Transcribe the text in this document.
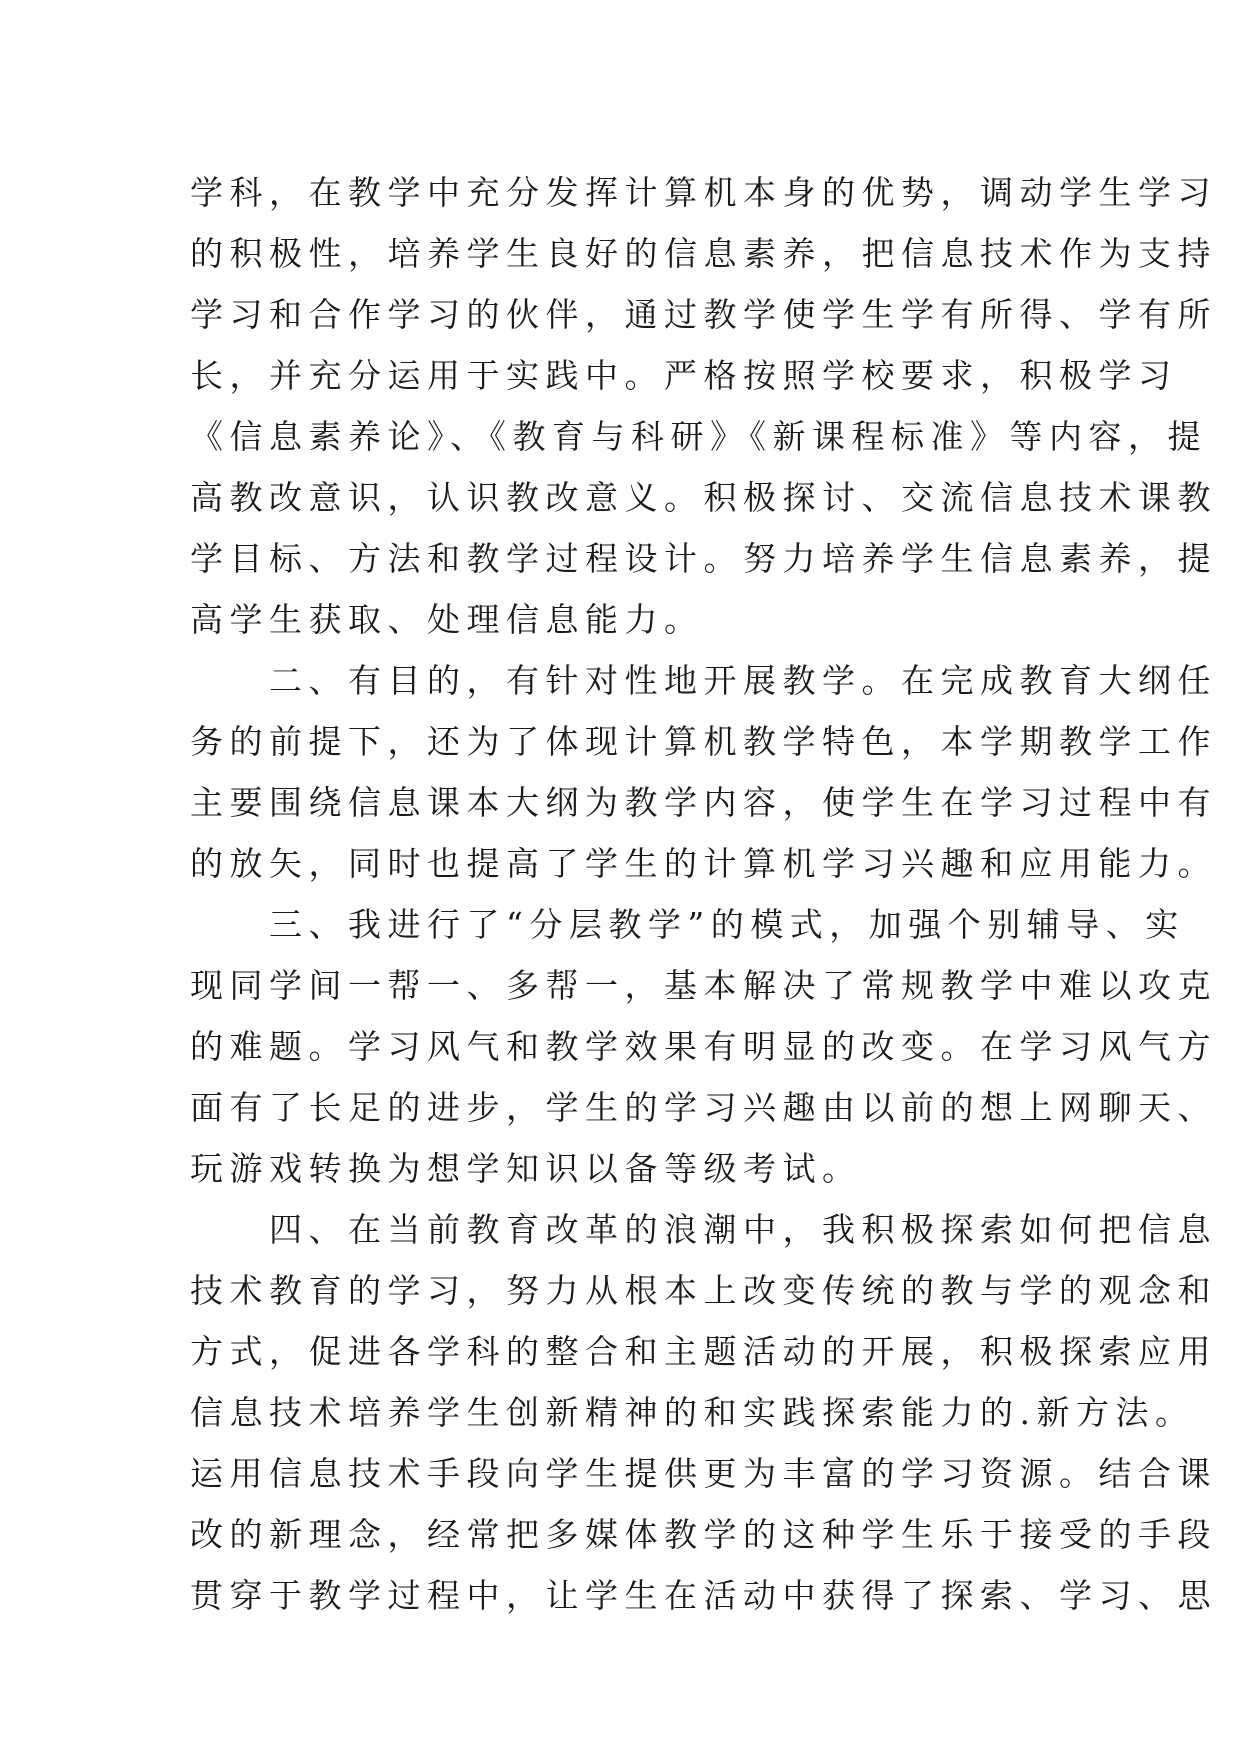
学科，在教学中充分发挥计算机本身的优势，调动学生学习
的积极性，培养学生良好的信息素养，把信息技术作为支持
学习和合作学习的伙伴，通过教学使学生学有所得、学有所
长，并充分运用于实践中。严格按照学校要求，积极学习
《信息素养论》、《教育与科研》《新课程标准》等内容，提
高教改意识，认识教改意义。积极探讨、交流信息技术课教
学目标、方法和教学过程设计。努力培养学生信息素养，提
高学生获取、处理信息能力。
二、有目的，有针对性地开展教学。在完成教育大纲任
务的前提下，还为了体现计算机教学特色，本学期教学工作
主要围绕信息课本大纲为教学内容，使学生在学习过程中有
的放矢，同时也提高了学生的计算机学习兴趣和应用能力。
三、我进行了“分层教学”的模式，加强个别辅导、实
现同学间一帮一、多帮一，基本解决了常规教学中难以攻克
的难题。学习风气和教学效果有明显的改变。在学习风气方
面有了长足的进步，学生的学习兴趣由以前的想上网聊天、
玩游戏转换为想学知识以备等级考试。
四、在当前教育改革的浪潮中，我积极探索如何把信息
技术教育的学习，努力从根本上改变传统的教与学的观念和
方式，促进各学科的整合和主题活动的开展，积极探索应用
信息技术培养学生创新精神的和实践探索能力的.新方法。
运用信息技术手段向学生提供更为丰富的学习资源。结合课
改的新理念，经常把多媒体教学的这种学生乐于接受的手段
贯穿于教学过程中，让学生在活动中获得了探索、学习、思
